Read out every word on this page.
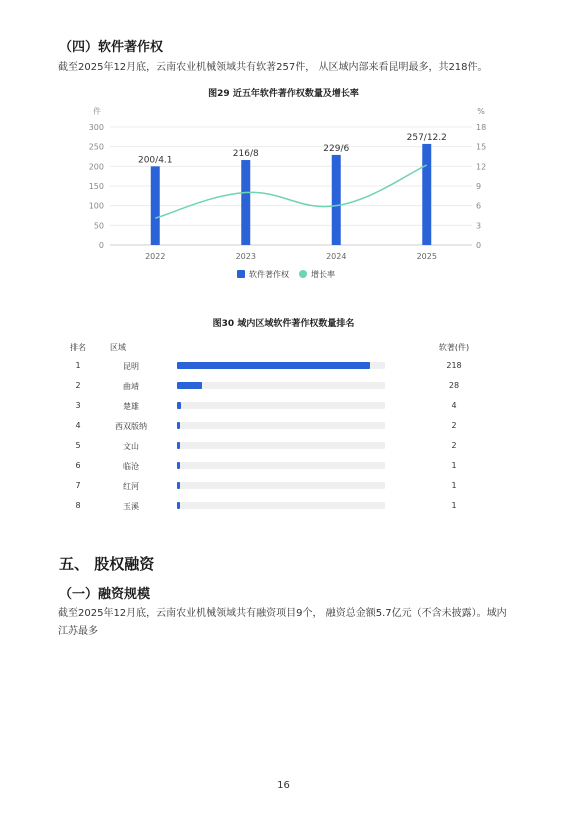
（四）软件著作权
截至2025年12月底，云南农业机械领域共有软著257件， 从区域内部来看昆明最多，共218件。
图29 近五年软件著作权数量及增长率
0
50
100
150
200
250
300
0
3
6
9
12
15
18
件	%
200/4.1
216/8
229/6
257/12.2
2022	2023	2024	2025
软件著作权	增长率
图30 域内区域软件著作权数量排名
排名	区域	软著(件)
1	昆明	218
2	曲靖	28
3	楚雄	4
4	西双版纳	2
5	文山	2
6	临沧	1
7	红河	1
8	玉溪	1
五、 股权融资
（一）融资规模
截至2025年12月底，云南农业机械领域共有融资项目9个， 融资总金额5.7亿元（不含未披露）。域内江苏最多
16
